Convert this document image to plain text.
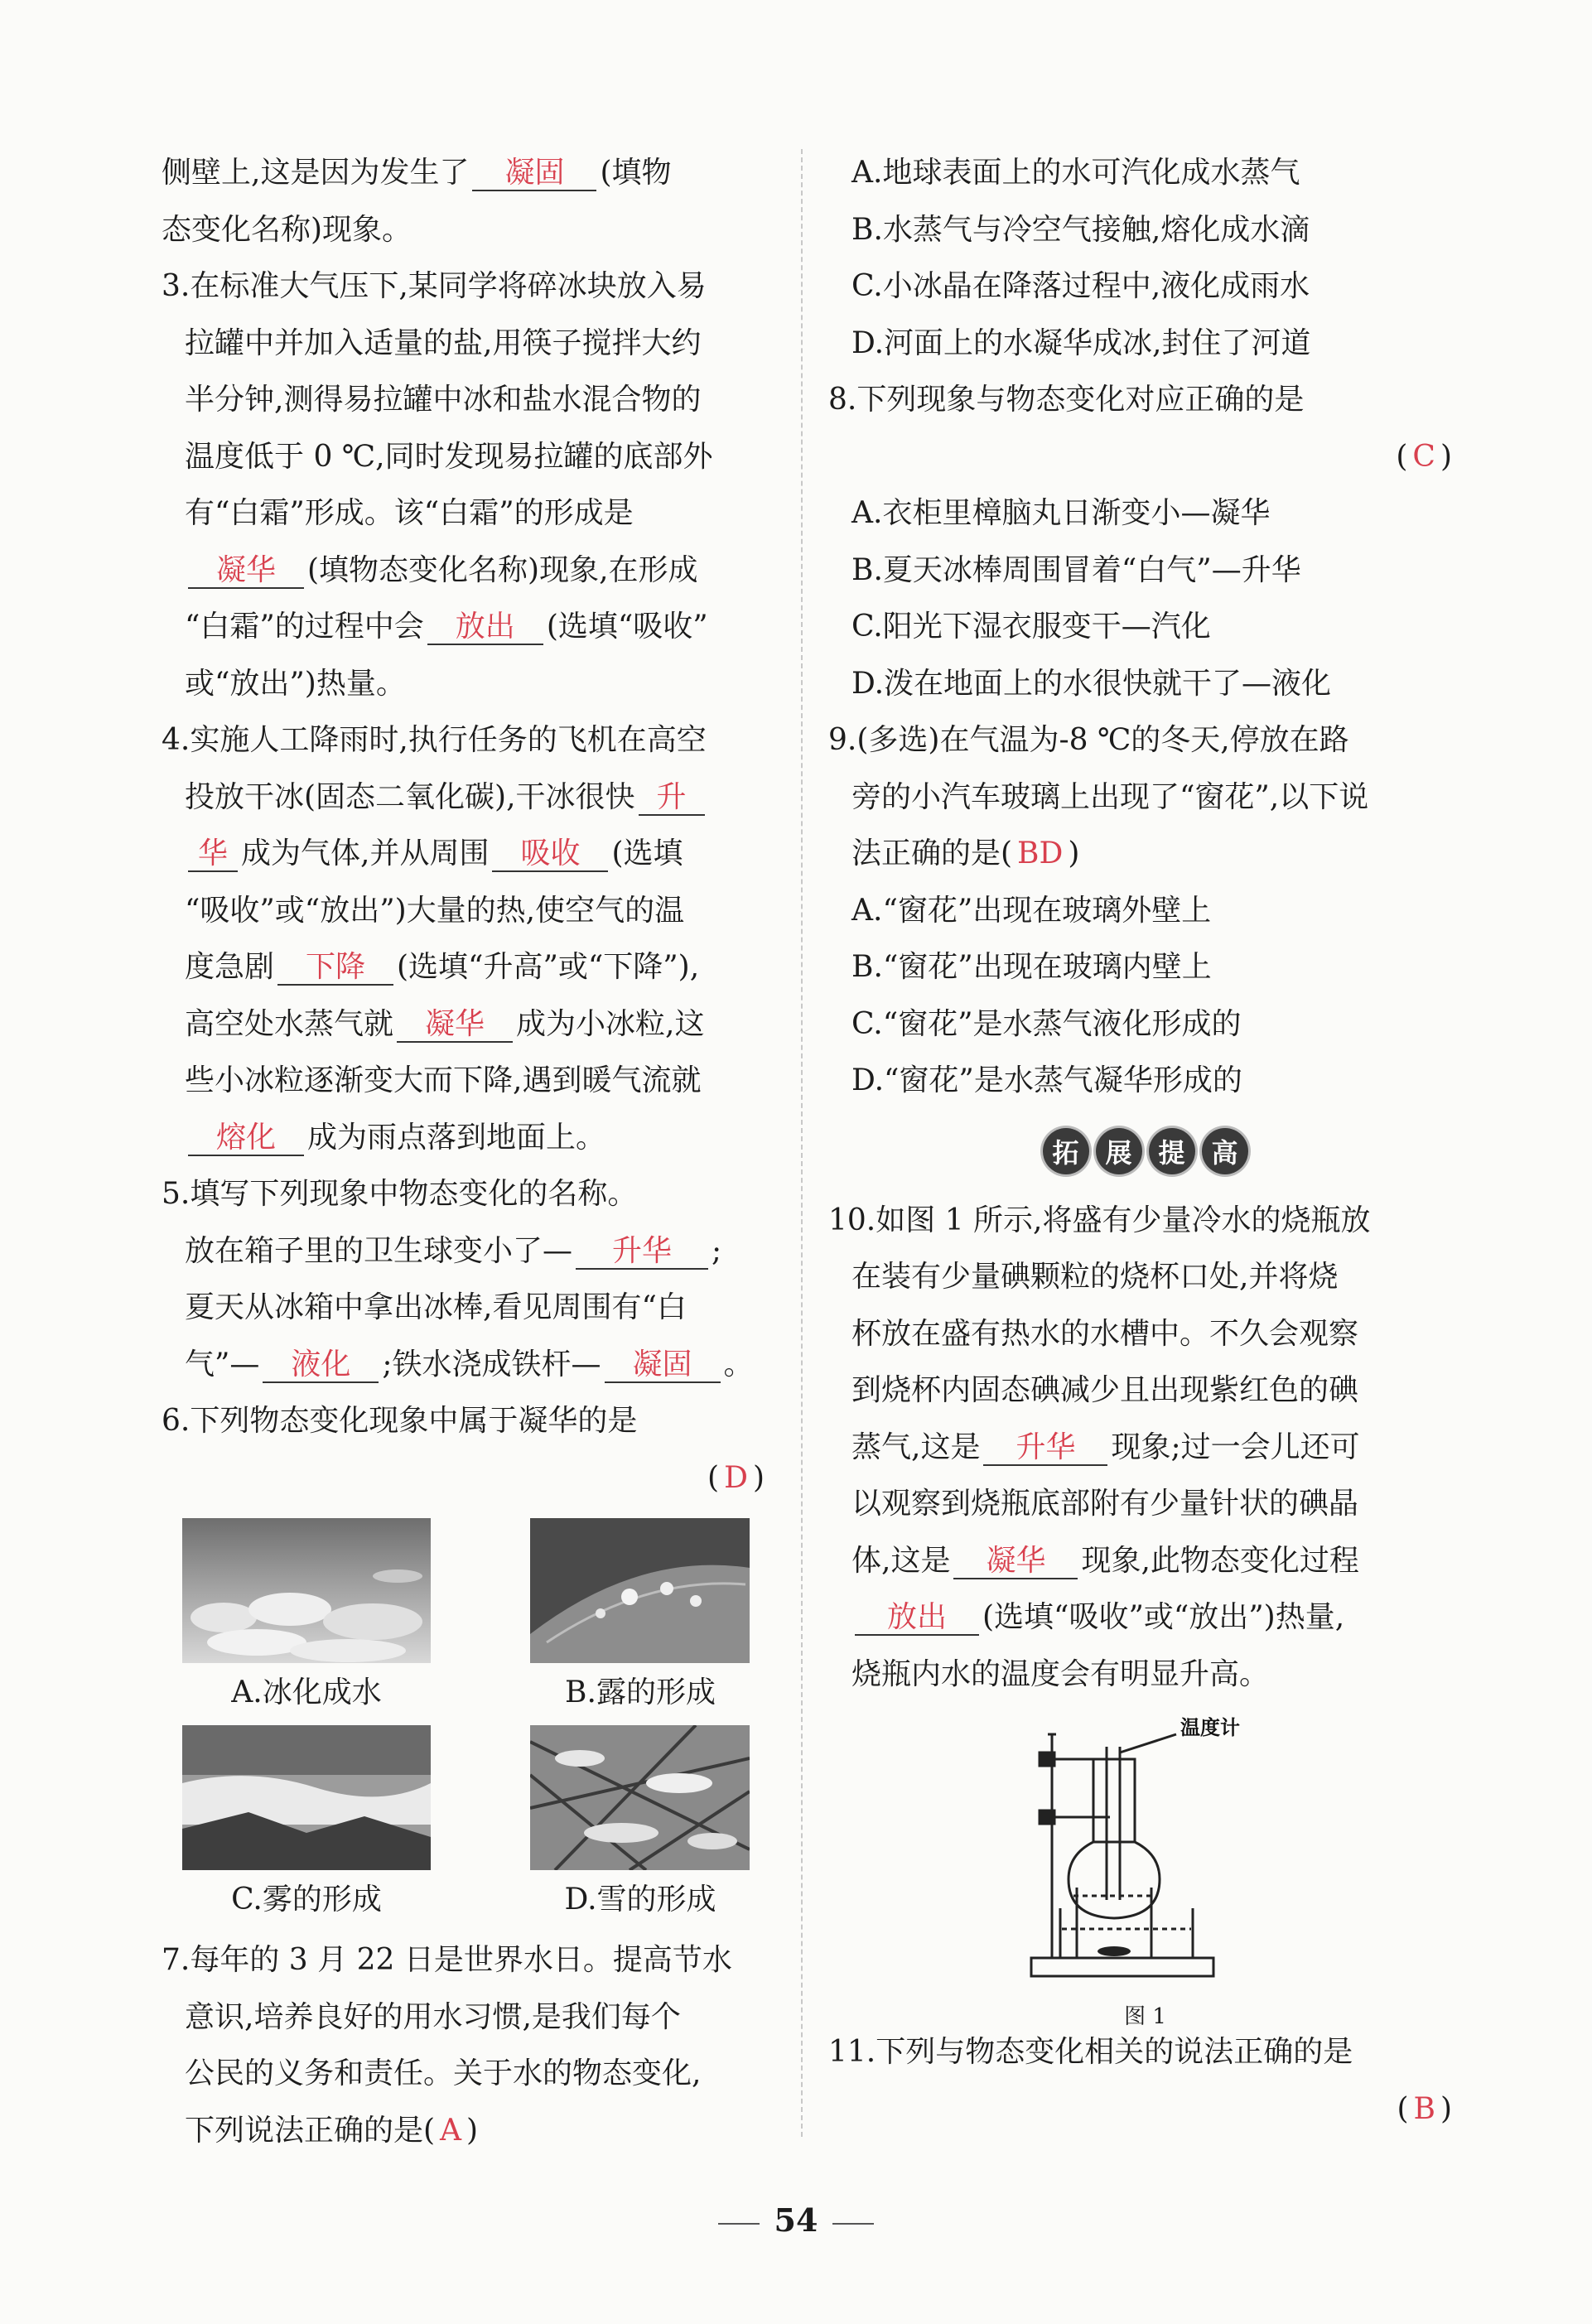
侧壁上,这是因为发生了 凝固 (填物
态变化名称)现象。
3.在标准大气压下,某同学将碎冰块放入易
拉罐中并加入适量的盐,用筷子搅拌大约
半分钟,测得易拉罐中冰和盐水混合物的
温度低于 0 ℃,同时发现易拉罐的底部外
有“白霜”形成。该“白霜”的形成是
凝华 (填物态变化名称)现象,在形成
“白霜”的过程中会 放出 (选填“吸收”
或“放出”)热量。
4.实施人工降雨时,执行任务的飞机在高空
投放干冰(固态二氧化碳),干冰很快 升
华 成为气体,并从周围 吸收 (选填
“吸收”或“放出”)大量的热,使空气的温
度急剧 下降 (选填“升高”或“下降”),
高空处水蒸气就 凝华 成为小冰粒,这
些小冰粒逐渐变大而下降,遇到暖气流就
熔化 成为雨点落到地面上。
5.填写下列现象中物态变化的名称。
放在箱子里的卫生球变小了— 升华 ;
夏天从冰箱中拿出冰棒,看见周围有“白
气”— 液化 ;铁水浇成铁杆— 凝固 。
6.下列物态变化现象中属于凝华的是
( D )
A.冰化成水	B.露的形成
C.雾的形成	D.雪的形成
7.每年的 3 月 22 日是世界水日。提高节水
意识,培养良好的用水习惯,是我们每个
公民的义务和责任。关于水的物态变化,
下列说法正确的是( A )
A.地球表面上的水可汽化成水蒸气
B.水蒸气与冷空气接触,熔化成水滴
C.小冰晶在降落过程中,液化成雨水
D.河面上的水凝华成冰,封住了河道
8.下列现象与物态变化对应正确的是
( C )
A.衣柜里樟脑丸日渐变小—凝华
B.夏天冰棒周围冒着“白气”—升华
C.阳光下湿衣服变干—汽化
D.泼在地面上的水很快就干了—液化
9.(多选)在气温为-8 ℃的冬天,停放在路
旁的小汽车玻璃上出现了“窗花”,以下说
法正确的是( BD )
A.“窗花”出现在玻璃外壁上
B.“窗花”出现在玻璃内壁上
C.“窗花”是水蒸气液化形成的
D.“窗花”是水蒸气凝华形成的
拓 展 提 高
10.如图 1 所示,将盛有少量冷水的烧瓶放
在装有少量碘颗粒的烧杯口处,并将烧
杯放在盛有热水的水槽中。不久会观察
到烧杯内固态碘减少且出现紫红色的碘
蒸气,这是 升华 现象;过一会儿还可
以观察到烧瓶底部附有少量针状的碘晶
体,这是 凝华 现象,此物态变化过程
放出 (选填“吸收”或“放出”)热量,
烧瓶内水的温度会有明显升高。
温度计
图 1
11.下列与物态变化相关的说法正确的是
( B )
54
